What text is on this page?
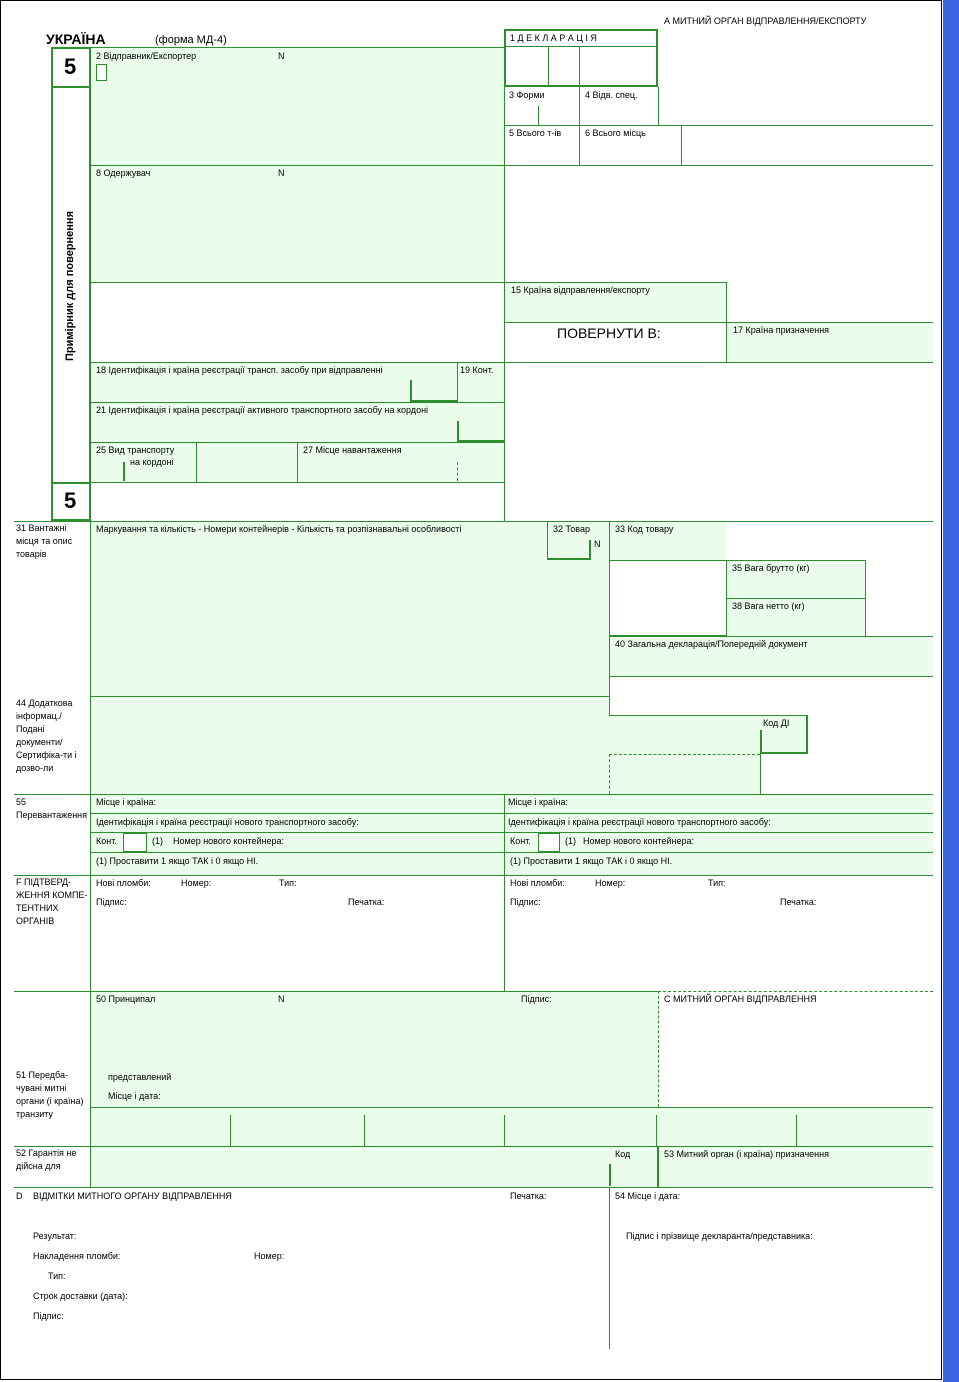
УКРАЇНА	(форма МД-4)
5
Примірник для повернення
5
2 Відправник/Експортер	N
1 Д Е К Л А Р А Ц І Я
А МИТНИЙ ОРГАН ВІДПРАВЛЕННЯ/ЕКСПОРТУ
3 Форми	4 Відв. спец.
5 Всього т-ів	6 Всього місць
8 Одержувач	N
15 Країна відправлення/експорту
ПОВЕРНУТИ В:	17 Країна призначення
18 Ідентифікація і країна реєстрації трансп. засобу при відправленні	19 Конт.
21 Ідентифікація і країна реєстрації активного транспортного засобу на кордоні
25 Вид транспорту
на кордоні
27 Місце навантаження
31 Вантажні місця та опис товарів
Маркування та кількість - Номери контейнерів - Кількість та розпізнавальні особливості	32 Товар
N
33 Код товару
35 Вага брутто (кг)
38 Вага нетто (кг)
40 Загальна декларація/Попередній документ
44 Додаткова інформац./ Подані документи/ Сертифіка-ти і дозво-ли
Код ДІ
55 Перевантаження
Місце і країна:	Місце і країна:
Ідентифікація і країна реєстрації нового транспортного засобу:	Ідентифікація і країна реєстрації нового транспортного засобу:
Конт.	(1) Номер нового контейнера:	Конт.	(1) Номер нового контейнера:
(1) Проставити 1 якщо ТАК і 0 якщо НІ.	(1) Проставити 1 якщо ТАК і 0 якщо НІ.
F ПІДТВЕРД-ЖЕННЯ КОМПЕ-ТЕНТНИХ ОРГАНІВ
Нові пломби:	Номер:	Тип:
Підпис:	Печатка:
Нові пломби:	Номер:	Тип:
Підпис:	Печатка:
50 Принципал	N	Підпис:	С МИТНИЙ ОРГАН ВІДПРАВЛЕННЯ
представлений
Місце і дата:
51 Передба-чувані митні органи (і країна) транзиту
52 Гарантія не дійсна для
Код	53 Митний орган (і країна) призначення
D ВІДМІТКИ МИТНОГО ОРГАНУ ВІДПРАВЛЕННЯ	Печатка:	54 Місце і дата:
Результат:
Накладення пломби:	Номер:
Тип:
Строк доставки (дата):
Підпис:
Підпис і прізвище декларанта/представника:
